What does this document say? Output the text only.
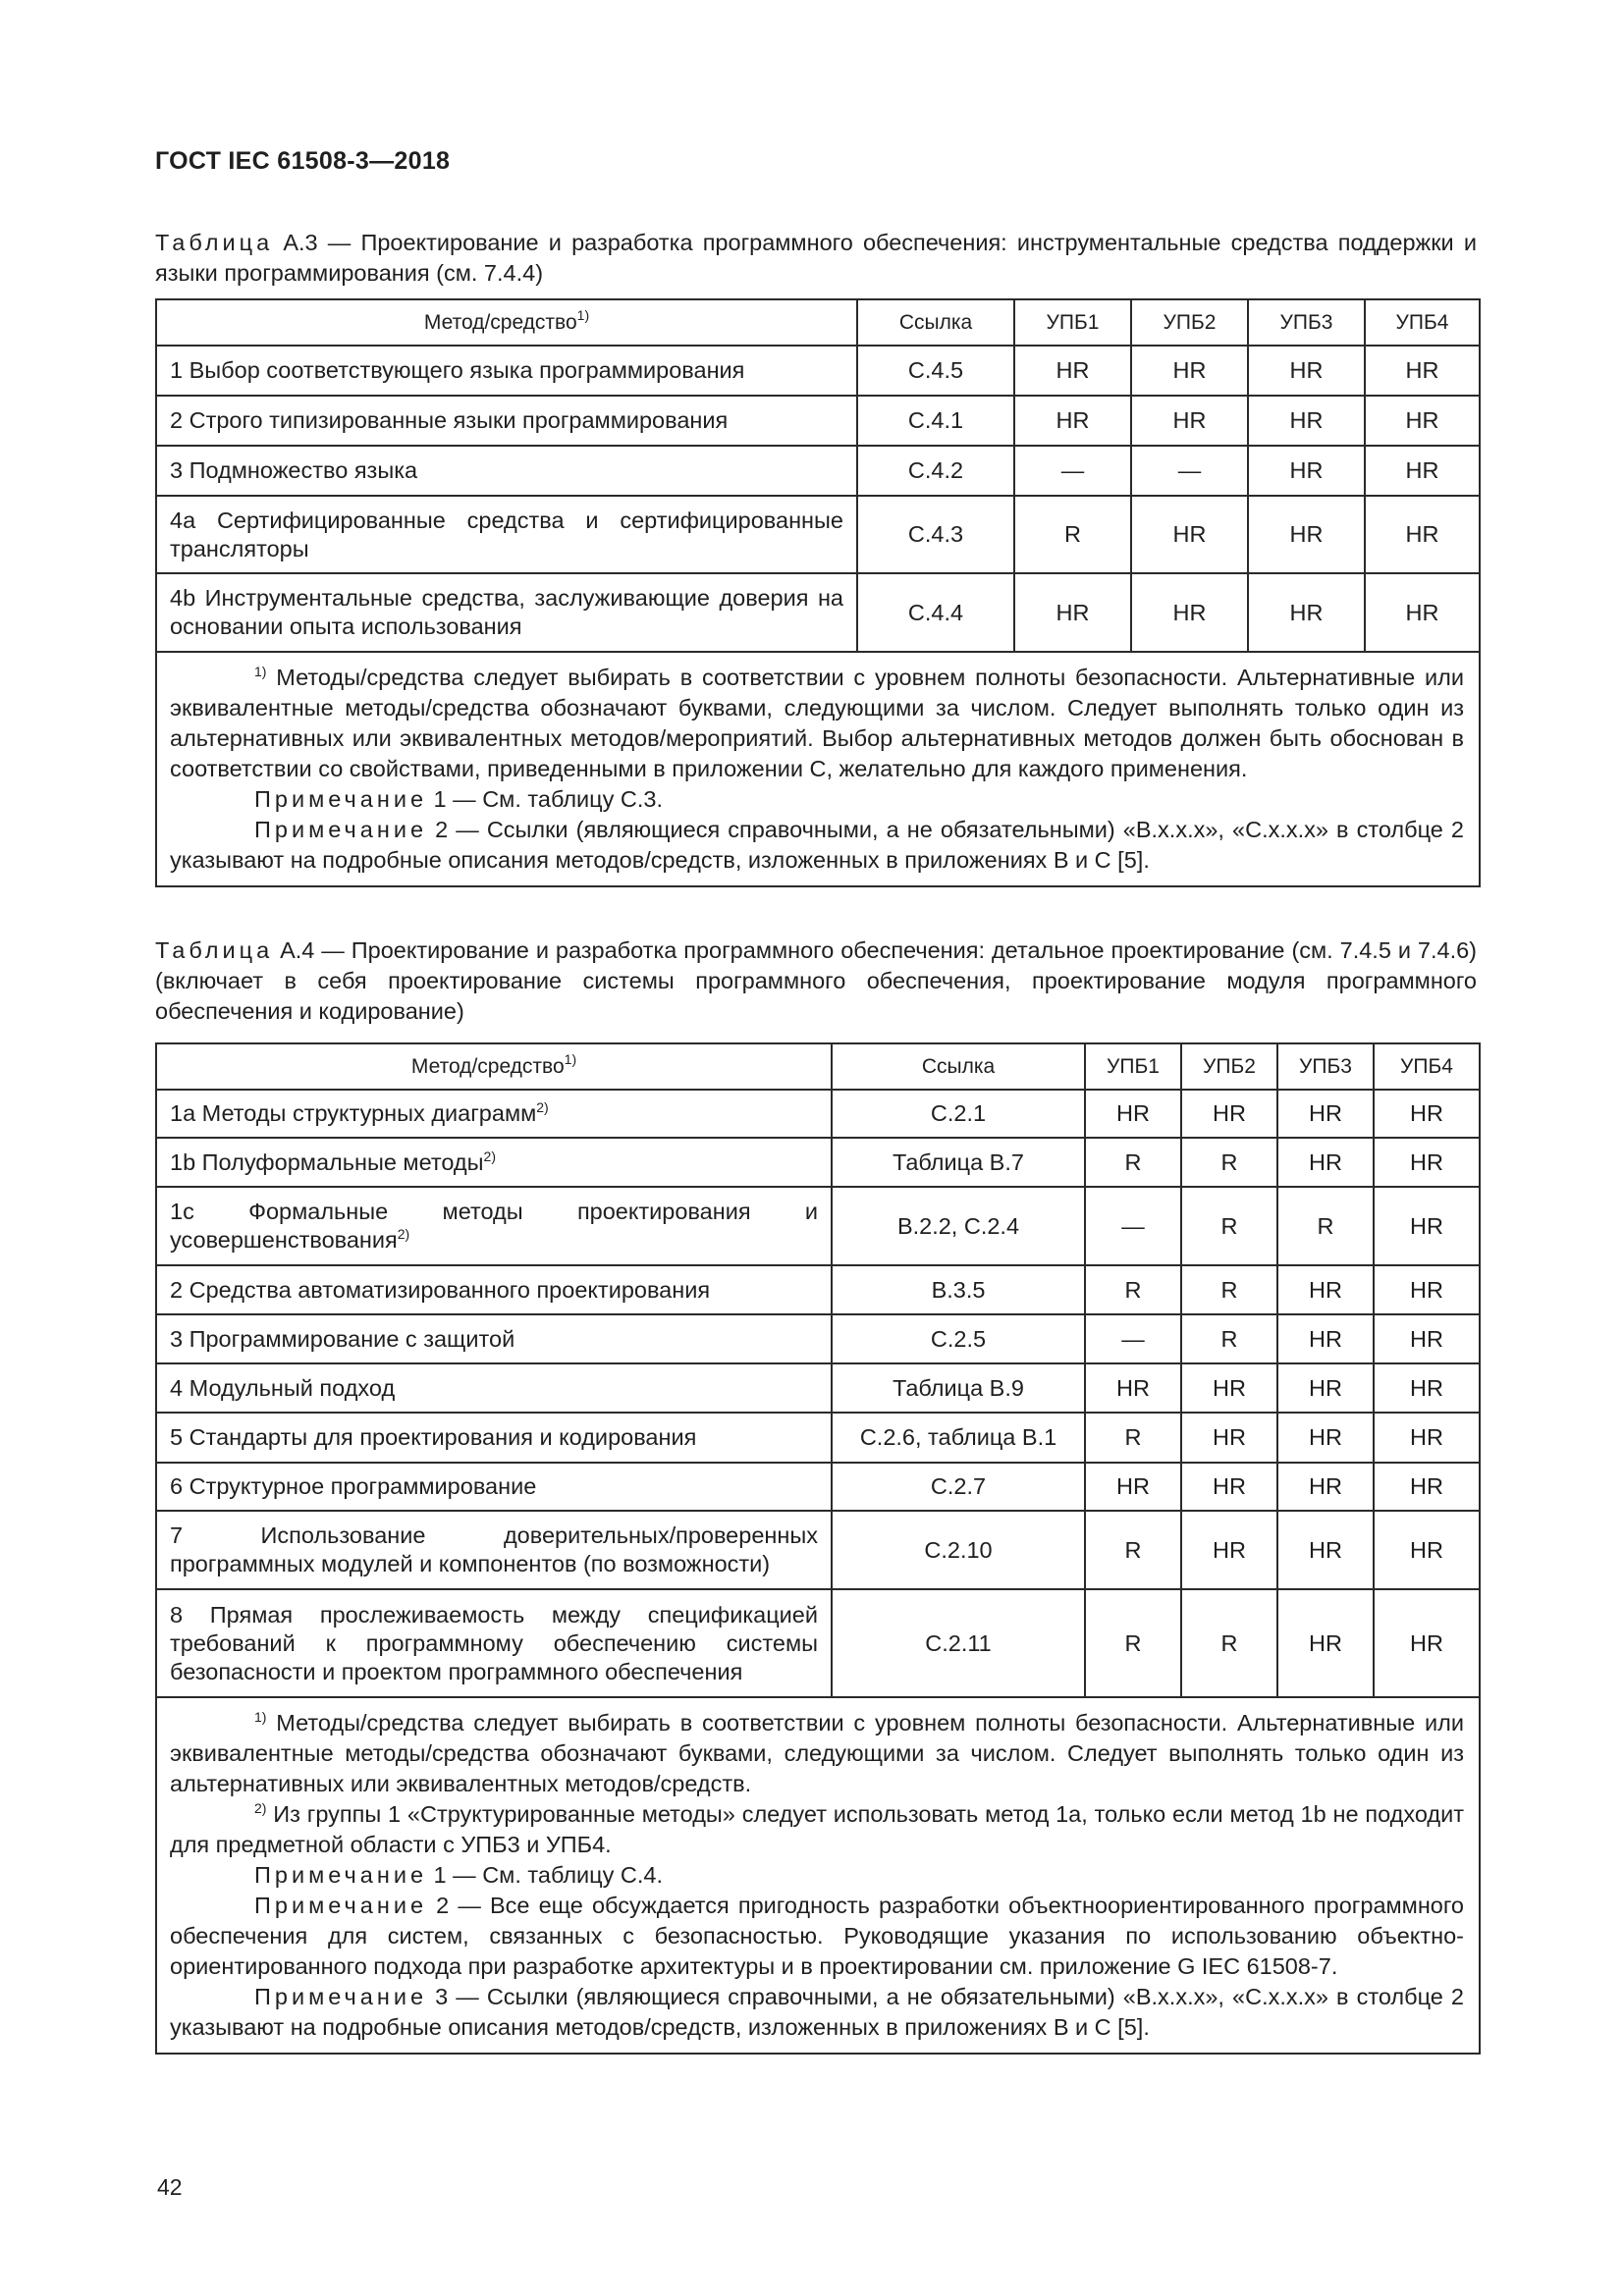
ГОСТ IEC 61508-3—2018
Таблица А.3 — Проектирование и разработка программного обеспечения: инструментальные средства поддержки и языки программирования (см. 7.4.4)
Метод/средство$^{1)}$	Ссылка	УПБ1	УПБ2	УПБ3	УПБ4
1 Выбор соответствующего языка программирования	С.4.5	HR	HR	HR	HR
2 Строго типизированные языки программирования	С.4.1	HR	HR	HR	HR
3 Подмножество языка	С.4.2	—	—	HR	HR
4а Сертифицированные средства и сертифицированные трансляторы	С.4.3	R	HR	HR	HR
4b Инструментальные средства, заслуживающие доверия на основании опыта использования	С.4.4	HR	HR	HR	HR

$^{1)}$ Методы/средства следует выбирать в соответствии с уровнем полноты безопасности. Альтернативные или эквивалентные методы/средства обозначают буквами, следующими за числом. Следует выполнять только один из альтернативных или эквивалентных методов/мероприятий. Выбор альтернативных методов должен быть обоснован в соответствии со свойствами, приведенными в приложении С, желательно для каждого применения.

Примечание 1 — См. таблицу С.3.

Примечание 2 — Ссылки (являющиеся справочными, а не обязательными) «В.х.х.х», «С.х.х.х» в столбце 2 указывают на подробные описания методов/средств, изложенных в приложениях В и С [5].					

Таблица А.4 — Проектирование и разработка программного обеспечения: детальное проектирование (см. 7.4.5 и 7.4.6) (включает в себя проектирование системы программного обеспечения, проектирование модуля программного обеспечения и кодирование)
Метод/средство$^{1)}$	Ссылка	УПБ1	УПБ2	УПБ3	УПБ4
1а Методы структурных диаграмм$^{2)}$	С.2.1	HR	HR	HR	HR
1b Полуформальные методы$^{2)}$	Таблица В.7	R	R	HR	HR
1c Формальные методы проектирования и усовершенствования$^{2)}$	В.2.2, С.2.4	—	R	R	HR
2 Средства автоматизированного проектирования	В.3.5	R	R	HR	HR
3 Программирование с защитой	С.2.5	—	R	HR	HR
4 Модульный подход	Таблица В.9	HR	HR	HR	HR
5 Стандарты для проектирования и кодирования	С.2.6, таблица В.1	R	HR	HR	HR
6 Структурное программирование	С.2.7	HR	HR	HR	HR
7 Использование доверительных/проверенных программных модулей и компонентов (по возможности)	С.2.10	R	HR	HR	HR
8 Прямая прослеживаемость между спецификацией требований к программному обеспечению системы безопасности и проектом программного обеспечения	С.2.11	R	R	HR	HR

$^{1)}$ Методы/средства следует выбирать в соответствии с уровнем полноты безопасности. Альтернативные или эквивалентные методы/средства обозначают буквами, следующими за числом. Следует выполнять только один из альтернативных или эквивалентных методов/средств.

$^{2)}$ Из группы 1 «Структурированные методы» следует использовать метод 1а, только если метод 1b не подходит для предметной области с УПБ3 и УПБ4.

Примечание 1 — См. таблицу С.4.

Примечание 2 — Все еще обсуждается пригодность разработки объектноориентированного программного обеспечения для систем, связанных с безопасностью. Руководящие указания по использованию объектно-ориентированного подхода при разработке архитектуры и в проектировании см. приложение G IEC 61508-7.

Примечание 3 — Ссылки (являющиеся справочными, а не обязательными) «В.х.х.х», «С.х.х.х» в столбце 2 указывают на подробные описания методов/средств, изложенных в приложениях В и С [5].					

42
